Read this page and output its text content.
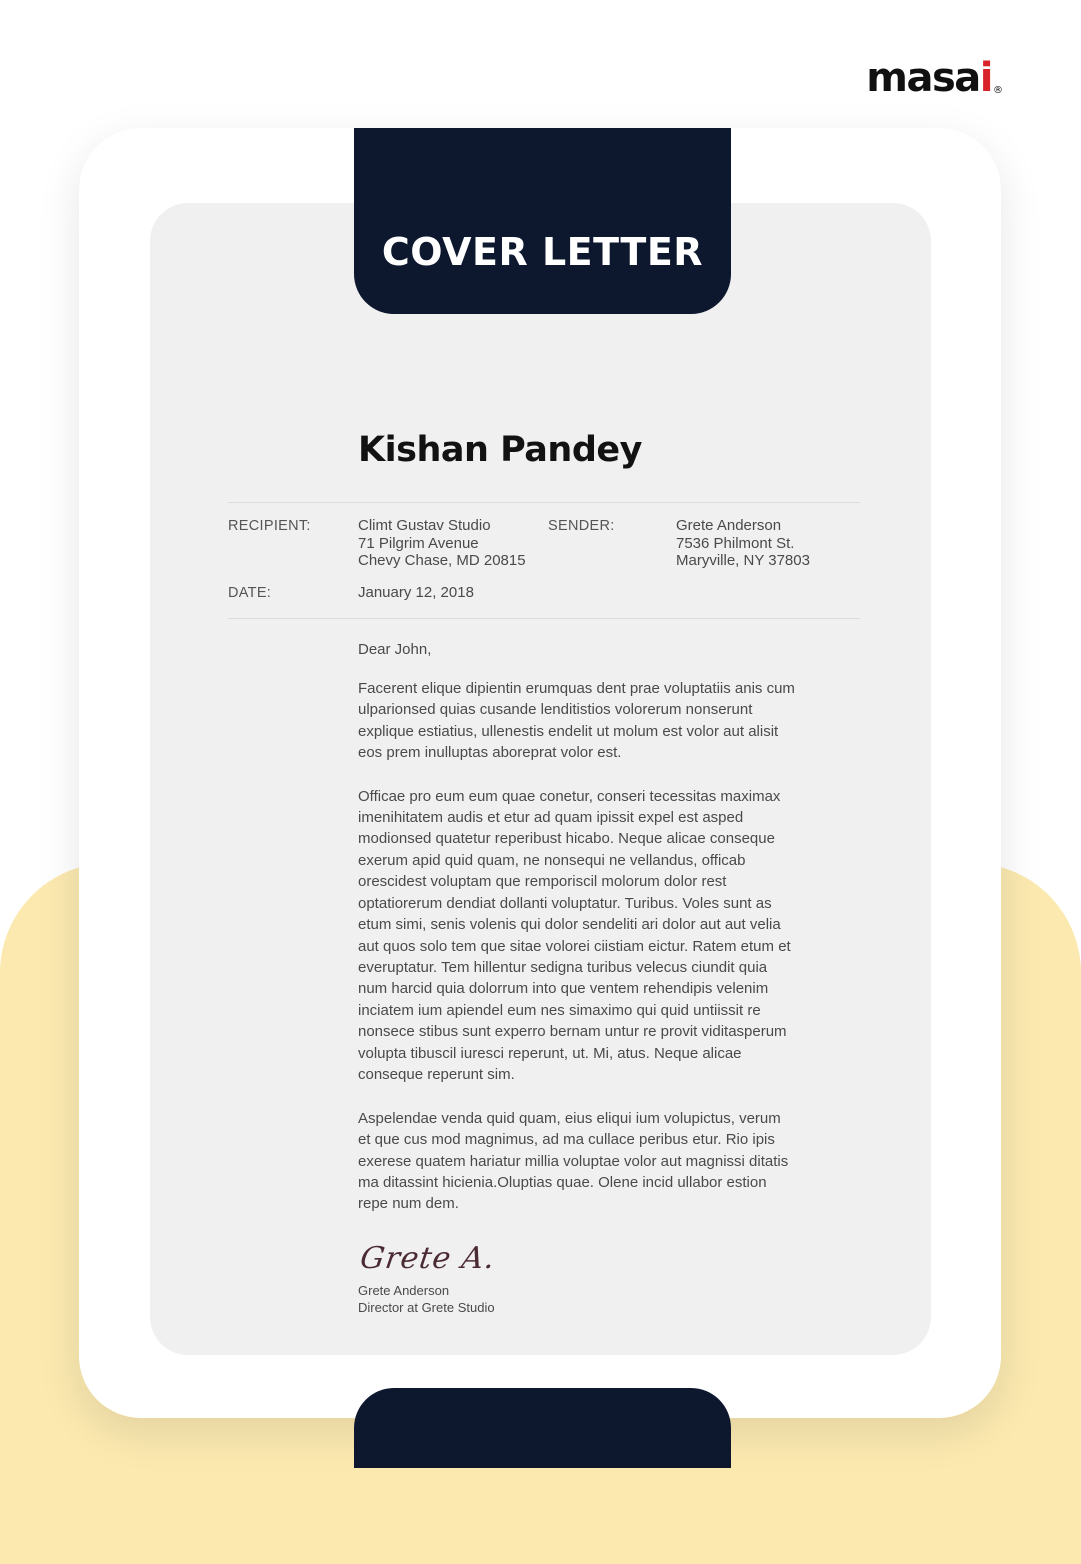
masa i ®
COVER LETTER
Kishan Pandey
RECIPIENT:	Climt Gustav Studio
71 Pilgrim Avenue
Chevy Chase, MD 20815
SENDER:	Grete Anderson
7536 Philmont St.
Maryville, NY 37803
DATE:	January 12, 2018
Dear John,
Facerent elique dipientin erumquas dent prae voluptatiis anis cum ulparionsed quias cusande lenditistios volorerum nonserunt explique estiatius, ullenestis endelit ut molum est volor aut alisit eos prem inulluptas aboreprat volor est.
Officae pro eum eum quae conetur, conseri tecessitas maximax imenihitatem audis et etur ad quam ipissit expel est asped modionsed quatetur reperibust hicabo. Neque alicae conseque exerum apid quid quam, ne nonsequi ne vellandus, officab orescidest voluptam que remporiscil molorum dolor rest optatiorerum dendiat dollanti voluptatur. Turibus. Voles sunt as etum simi, senis volenis qui dolor sendeliti ari dolor aut aut velia aut quos solo tem que sitae volorei ciistiam eictur. Ratem etum et everuptatur. Tem hillentur sedigna turibus velecus ciundit quia num harcid quia dolorrum into que ventem rehendipis velenim inciatem ium apiendel eum nes simaximo qui quid untiissit re nonsece stibus sunt experro bernam untur re provit viditasperum volupta tibuscil iuresci reperunt, ut. Mi, atus. Neque alicae conseque reperunt sim.
Aspelendae venda quid quam, eius eliqui ium volupictus, verum et que cus mod magnimus, ad ma cullace peribus etur. Rio ipis exerese quatem hariatur millia voluptae volor aut magnissi ditatis ma ditassint hicienia.Oluptias quae. Olene incid ullabor estion repe num dem.
Grete A.
Grete Anderson
Director at Grete Studio
